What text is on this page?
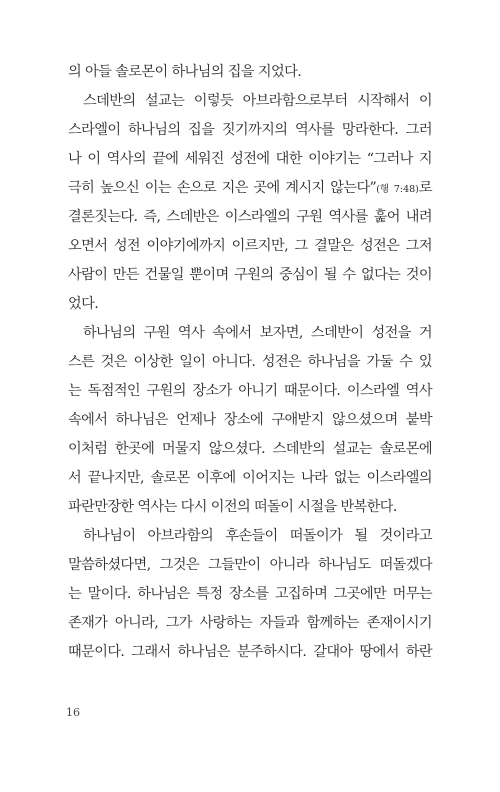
의 아들 솔로몬이 하나님의 집을 지었다.
스데반의 설교는 이렇듯 아브라함으로부터 시작해서 이
스라엘이 하나님의 집을 짓기까지의 역사를 망라한다. 그러
나 이 역사의 끝에 세워진 성전에 대한 이야기는 “그러나 지
극히 높으신 이는 손으로 지은 곳에 계시지 않는다”(행 7:48)로
결론짓는다. 즉, 스데반은 이스라엘의 구원 역사를 훑어 내려
오면서 성전 이야기에까지 이르지만, 그 결말은 성전은 그저
사람이 만든 건물일 뿐이며 구원의 중심이 될 수 없다는 것이
었다.
하나님의 구원 역사 속에서 보자면, 스데반이 성전을 거
스른 것은 이상한 일이 아니다. 성전은 하나님을 가둘 수 있
는 독점적인 구원의 장소가 아니기 때문이다. 이스라엘 역사
속에서 하나님은 언제나 장소에 구애받지 않으셨으며 붙박
이처럼 한곳에 머물지 않으셨다. 스데반의 설교는 솔로몬에
서 끝나지만, 솔로몬 이후에 이어지는 나라 없는 이스라엘의
파란만장한 역사는 다시 이전의 떠돌이 시절을 반복한다.
하나님이 아브라함의 후손들이 떠돌이가 될 것이라고
말씀하셨다면, 그것은 그들만이 아니라 하나님도 떠돌겠다
는 말이다. 하나님은 특정 장소를 고집하며 그곳에만 머무는
존재가 아니라, 그가 사랑하는 자들과 함께하는 존재이시기
때문이다. 그래서 하나님은 분주하시다. 갈대아 땅에서 하란
16
